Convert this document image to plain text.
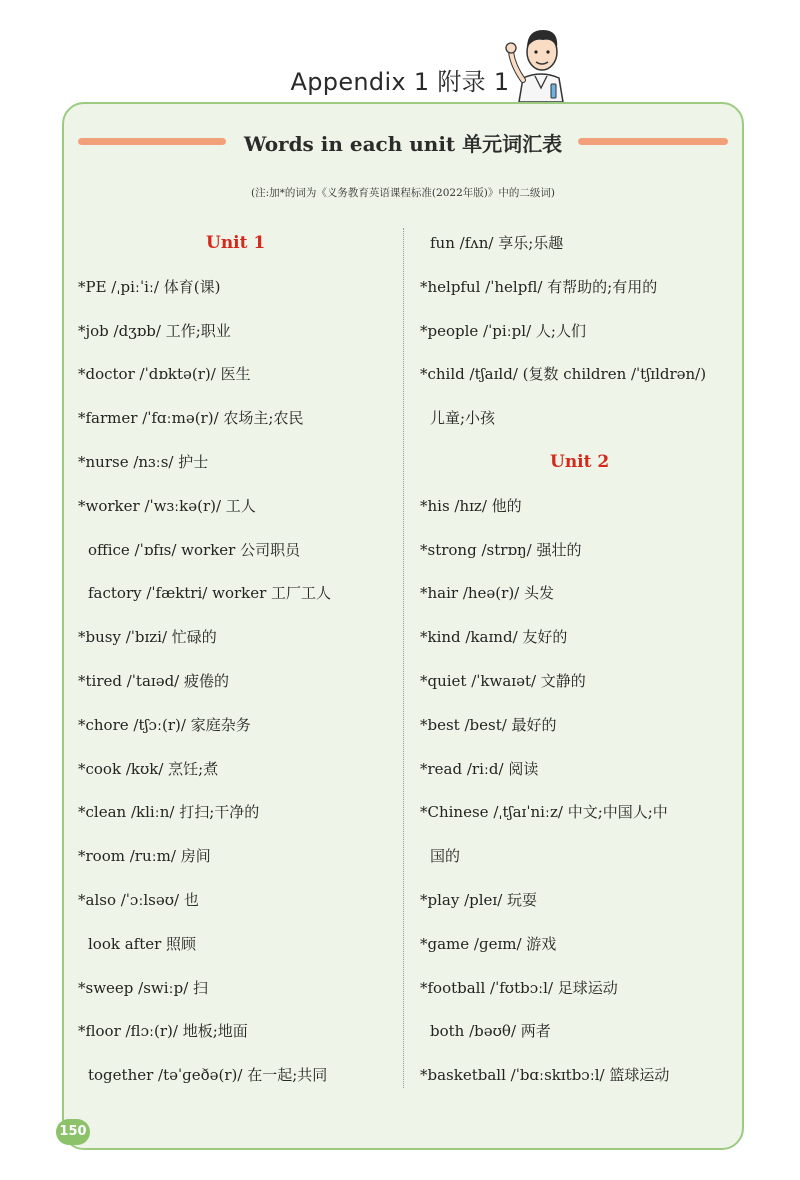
Appendix 1 附录 1
Words in each unit 单元词汇表
(注:加*的词为《义务教育英语课程标准(2022年版)》中的二级词)
Unit 1
*PE /ˌpiːˈiː/ 体育(课)
*job /dʒɒb/ 工作;职业
*doctor /ˈdɒktə(r)/ 医生
*farmer /ˈfɑːmə(r)/ 农场主;农民
*nurse /nɜːs/ 护士
*worker /ˈwɜːkə(r)/ 工人
office /ˈɒfɪs/ worker 公司职员
factory /ˈfæktri/ worker 工厂工人
*busy /ˈbɪzi/ 忙碌的
*tired /ˈtaɪəd/ 疲倦的
*chore /tʃɔː(r)/ 家庭杂务
*cook /kʊk/ 烹饪;煮
*clean /kliːn/ 打扫;干净的
*room /ruːm/ 房间
*also /ˈɔːlsəʊ/ 也
look after 照顾
*sweep /swiːp/ 扫
*floor /flɔː(r)/ 地板;地面
together /təˈɡeðə(r)/ 在一起;共同
fun /fʌn/ 享乐;乐趣
*helpful /ˈhelpfl/ 有帮助的;有用的
*people /ˈpiːpl/ 人;人们
*child /tʃaɪld/ (复数 children /ˈtʃɪldrən/)
儿童;小孩
Unit 2
*his /hɪz/ 他的
*strong /strɒŋ/ 强壮的
*hair /heə(r)/ 头发
*kind /kaɪnd/ 友好的
*quiet /ˈkwaɪət/ 文静的
*best /best/ 最好的
*read /riːd/ 阅读
*Chinese /ˌtʃaɪˈniːz/ 中文;中国人;中
国的
*play /pleɪ/ 玩耍
*game /ɡeɪm/ 游戏
*football /ˈfʊtbɔːl/ 足球运动
both /bəʊθ/ 两者
*basketball /ˈbɑːskɪtbɔːl/ 篮球运动
150
